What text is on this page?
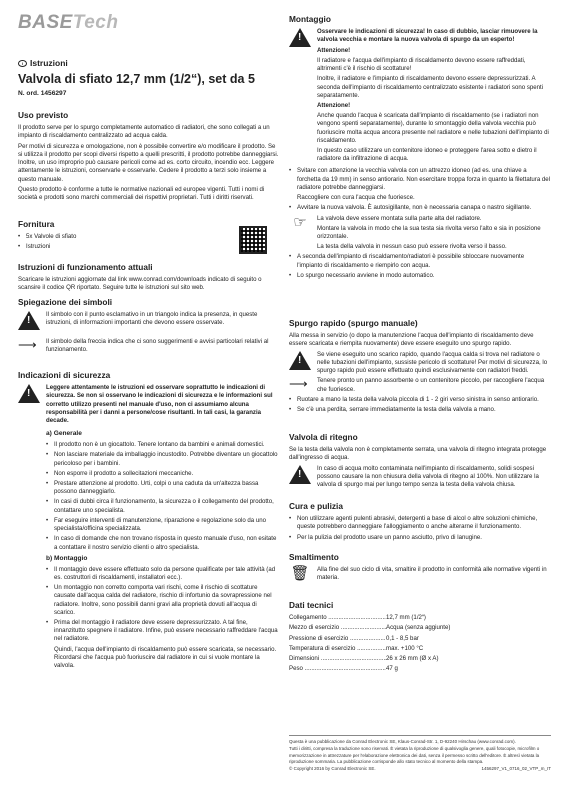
BASETech
I Istruzioni
Valvola di sfiato 12,7 mm (1/2“), set da 5
N. ord. 1456297
Uso previsto

Il prodotto serve per lo spurgo completamente automatico di radiatori, che sono collegati a un impianto di riscaldamento centralizzato ad acqua calda.

Per motivi di sicurezza e omologazione, non è possibile convertire e/o modificare il prodotto. Se si utilizza il prodotto per scopi diversi rispetto a quelli prescritti, il prodotto potrebbe danneggiarsi. Inoltre, un uso improprio può causare pericoli come ad es. corto circuito, incendio ecc. Leggere attentamente le istruzioni, conservarle e osservarle. Cedere il prodotto a terzi solo insieme a questo manuale.

Questo prodotto è conforme a tutte le normative nazionali ed europee vigenti. Tutti i nomi di società e prodotti sono marchi commerciali dei rispettivi proprietari. Tutti i diritti riservati.

Fornitura
• 5x Valvole di sfiato
• Istruzioni
Istruzioni di funzionamento attuali

Scaricare le istruzioni aggiornate dal link www.conrad.com/downloads indicato di seguito o scansire il codice QR riportato. Seguire tutte le istruzioni sul sito web.

Spiegazione dei simboli
!

Il simbolo con il punto esclamativo in un triangolo indica la presenza, in queste istruzioni, di informazioni importanti che devono essere osservate.

⟶	Il simbolo della freccia indica che ci sono suggerimenti e avvisi particolari relativi al funzionamento.

Indicazioni di sicurezza
!

Leggere attentamente le istruzioni ed osservare soprattutto le indicazioni di sicurezza. Se non si osservano le indicazioni di sicurezza e le informazioni sul corretto utilizzo presenti nel manuale d'uso, non ci assumiamo alcuna responsabilità per i danni a persone/cose risultanti. In tali casi, la garanzia decade.

a) Generale
• Il prodotto non è un giocattolo. Tenere lontano da bambini e animali domestici.
• Non lasciare materiale da imballaggio incustodito. Potrebbe diventare un giocattolo pericoloso per i bambini.
• Non esporre il prodotto a sollecitazioni meccaniche.
• Prestare attenzione al prodotto. Urti, colpi o una caduta da un'altezza bassa possono danneggiarlo.
• In casi di dubbi circa il funzionamento, la sicurezza o il collegamento del prodotto, contattare uno specialista.
• Far eseguire interventi di manutenzione, riparazione e regolazione solo da uno specialista/officina specializzata.
• In caso di domande che non trovano risposta in questo manuale d'uso, non esitate a contattare il nostro servizio clienti o altro specialista.
b) Montaggio
• Il montaggio deve essere effettuato solo da persone qualificate per tale attività (ad es. costruttori di riscaldamenti, installatori ecc.).
• Un montaggio non corretto comporta vari rischi, come il rischio di scottature causate dall'acqua calda del radiatore, rischio di infortunio da sovrapressione nel radiatore. Inoltre, sono possibili danni gravi alla proprietà dovuti all'acqua di scarico.
• Prima del montaggio il radiatore deve essere depressurizzato. A tal fine, innanzitutto spegnere il radiatore. Infine, può essere necessario raffreddare l'acqua nel radiatore.

Quindi, l'acqua dell'impianto di riscaldamento può essere scaricata, se necessario. Ricordarsi che l'acqua può fuoriuscire dal radiatore in cui si vuole montare la valvola.

Montaggio
!

Osservare le indicazioni di sicurezza! In caso di dubbio, lasciar rimuovere la valvola vecchia e montare la nuova valvola di spurgo da un esperto!

Attenzione!

Il radiatore e l'acqua dell'impianto di riscaldamento devono essere raffreddati, altrimenti c'è il rischio di scottature!

Inoltre, il radiatore e l'impianto di riscaldamento devono essere depressurizzati. A seconda dell'impianto di riscaldamento centralizzato esistente i radiatori sono spenti separatamente.

Attenzione!

Anche quando l'acqua è scaricata dall'impianto di riscaldamento (se i radiatori non vengono spenti separatamente), durante lo smontaggio della valvola vecchia può fuoriuscire molta acqua ancora presente nel radiatore e nelle tubazioni dell'impianto di riscaldamento.

In questo caso utilizzare un contenitore idoneo e proteggere l'area sotto e dietro il radiatore da infiltrazione di acqua.

• Svitare con attenzione la vecchia valvola con un attrezzo idoneo (ad es. una chiave a forchetta da 19 mm) in senso antiorario. Non esercitare troppa forza in quanto la filettatura del radiatore potrebbe danneggiarsi.

Raccogliere con cura l'acqua che fuoriesce.

• Avvitare la nuova valvola. È autosigillante, non è necessaria canapa o nastro sigillante.
☞	La valvola deve essere montata sulla parte alta del radiatore.

Montare la valvola in modo che la sua testa sia rivolta verso l'alto e sia in posizione orizzontale.

La testa della valvola in nessun caso può essere rivolta verso il basso.

• A seconda dell'impianto di riscaldamento/radiatori è possibile sbloccare nuovamente l'impianto di riscaldamento e riempirlo con acqua.
• Lo spurgo necessario avviene in modo automatico.
Spurgo rapido (spurgo manuale)

Alla messa in servizio (o dopo la manutenzione l'acqua dell'impianto di riscaldamento deve essere scaricata e riempita nuovamente) deve essere eseguito uno spurgo rapido.

!

Se viene eseguito uno scarico rapido, quando l'acqua calda si trova nel radiatore o nelle tubazioni dell'impianto, sussiste pericolo di scottature! Per motivi di sicurezza, lo spurgo rapido può essere effettuato quindi esclusivamente con radiatori freddi.

⟶	Tenere pronto un panno assorbente o un contenitore piccolo, per raccogliere l'acqua che fuoriesce.

• Ruotare a mano la testa della valvola piccola di 1 - 2 giri verso sinistra in senso antiorario.
• Se c'è una perdita, serrare immediatamente la testa della valvola a mano.
Valvola di ritegno

Se la testa della valvola non è completamente serrata, una valvola di ritegno integrata protegge dall'ingresso di acqua.

!

In caso di acqua molto contaminata nell'impianto di riscaldamento, solidi sospesi possono causare la non chiusura della valvola di ritegno al 100%. Non utilizzare la valvola di spurgo mai per lungo tempo senza la testa della valvola chiusa.

Cura e pulizia
• Non utilizzare agenti pulenti abrasivi, detergenti a base di alcol o altre soluzioni chimiche, queste potrebbero danneggiare l'alloggiamento o anche alterarne il funzionamento.
• Per la pulizia del prodotto usare un panno asciutto, privo di lanugine.
Smaltimento
🗑 Alla fine del suo ciclo di vita, smaltire il prodotto in conformità alle normative vigenti in materia.

Dati tecnici
Collegamento .....	12,7 mm (1/2“)
Mezzo di esercizio .....	Acqua (senza aggiunte)
Pressione di esercizio .....	0,1 - 8,5 bar
Temperatura di esercizio .....	max. +100 °C
Dimensioni .....	26 x 26 mm (Ø x A)
Peso .....	47 g
Questa è una pubblicazione da Conrad Electronic SE, Klaus-Conrad-Str. 1, D-92240 Hirschau (www.conrad.com).
Tutti i diritti, compresa la traduzione sono riservati. È vietata la riproduzione di qualsivoglia genere, quali fotocopie, microfilm o memorizzazione in attrezzature per l'elaborazione elettronica dei dati, senza il permesso scritto dell'editore. È altresì vietata la riproduzione sommaria. La pubblicazione corrisponde allo stato tecnico al momento della stampa.
© Copyright 2016 by Conrad Electronic SE.	1456297_V1_0716_02_VTP_m_IT
